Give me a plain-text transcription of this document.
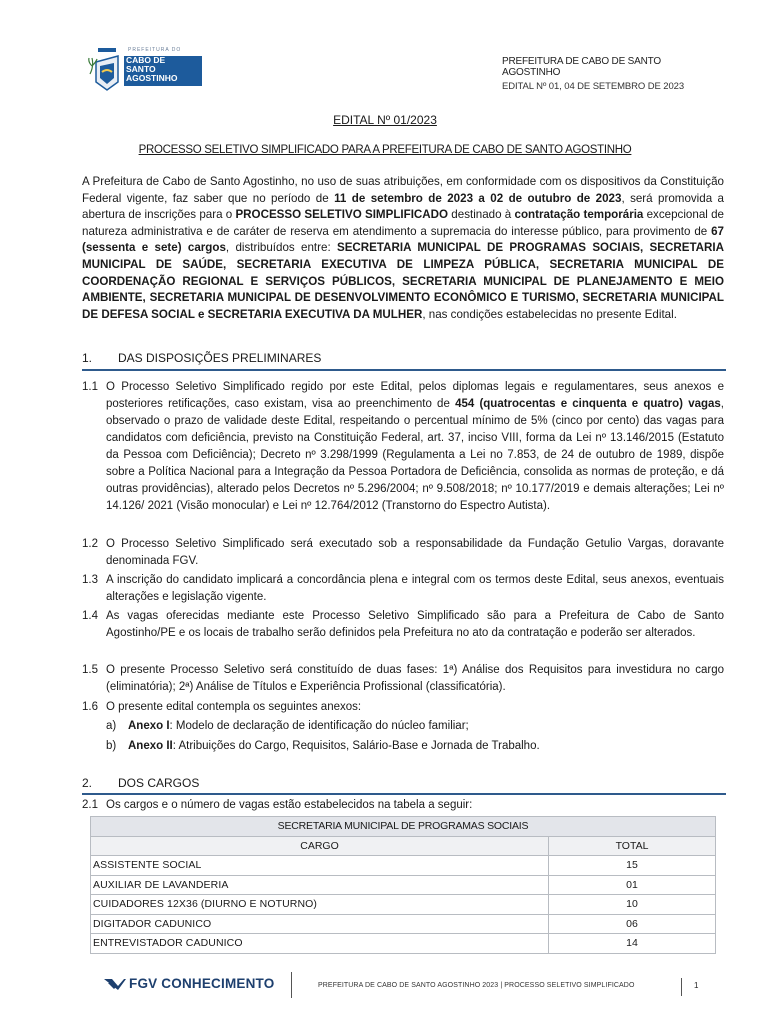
PREFEITURA DO
CABO DE
SANTO
AGOSTINHO
PREFEITURA DE CABO DE SANTO AGOSTINHO
EDITAL Nº 01, 04 DE SETEMBRO DE 2023
EDITAL Nº 01/2023
PROCESSO SELETIVO SIMPLIFICADO PARA A PREFEITURA DE CABO DE SANTO AGOSTINHO
A Prefeitura de Cabo de Santo Agostinho, no uso de suas atribuições, em conformidade com os dispositivos da Constituição Federal vigente, faz saber que no período de 11 de setembro de 2023 a 02 de outubro de 2023, será promovida a abertura de inscrições para o PROCESSO SELETIVO SIMPLIFICADO destinado à contratação temporária excepcional de natureza administrativa e de caráter de reserva em atendimento a supremacia do interesse público, para provimento de 67 (sessenta e sete) cargos, distribuídos entre: SECRETARIA MUNICIPAL DE PROGRAMAS SOCIAIS, SECRETARIA MUNICIPAL DE SAÚDE, SECRETARIA EXECUTIVA DE LIMPEZA PÚBLICA, SECRETARIA MUNICIPAL DE COORDENAÇÃO REGIONAL E SERVIÇOS PÚBLICOS, SECRETARIA MUNICIPAL DE PLANEJAMENTO E MEIO AMBIENTE, SECRETARIA MUNICIPAL DE DESENVOLVIMENTO ECONÔMICO E TURISMO, SECRETARIA MUNICIPAL DE DEFESA SOCIAL e SECRETARIA EXECUTIVA DA MULHER, nas condições estabelecidas no presente Edital.
1. DAS DISPOSIÇÕES PRELIMINARES
1.1 O Processo Seletivo Simplificado regido por este Edital, pelos diplomas legais e regulamentares, seus anexos e posteriores retificações, caso existam, visa ao preenchimento de 454 (quatrocentas e cinquenta e quatro) vagas, observado o prazo de validade deste Edital, respeitando o percentual mínimo de 5% (cinco por cento) das vagas para candidatos com deficiência, previsto na Constituição Federal, art. 37, inciso VIII, forma da Lei nº 13.146/2015 (Estatuto da Pessoa com Deficiência); Decreto nº 3.298/1999 (Regulamenta a Lei no 7.853, de 24 de outubro de 1989, dispõe sobre a Política Nacional para a Integração da Pessoa Portadora de Deficiência, consolida as normas de proteção, e dá outras providências), alterado pelos Decretos nº 5.296/2004; nº 9.508/2018; nº 10.177/2019 e demais alterações; Lei nº 14.126/ 2021 (Visão monocular) e Lei nº 12.764/2012 (Transtorno do Espectro Autista).
1.2 O Processo Seletivo Simplificado será executado sob a responsabilidade da Fundação Getulio Vargas, doravante denominada FGV.
1.3 A inscrição do candidato implicará a concordância plena e integral com os termos deste Edital, seus anexos, eventuais alterações e legislação vigente.
1.4 As vagas oferecidas mediante este Processo Seletivo Simplificado são para a Prefeitura de Cabo de Santo Agostinho/PE e os locais de trabalho serão definidos pela Prefeitura no ato da contratação e poderão ser alterados.
1.5 O presente Processo Seletivo será constituído de duas fases: 1ª) Análise dos Requisitos para investidura no cargo (eliminatória); 2ª) Análise de Títulos e Experiência Profissional (classificatória).
1.6 O presente edital contempla os seguintes anexos:
a) Anexo I: Modelo de declaração de identificação do núcleo familiar;
b) Anexo II: Atribuições do Cargo, Requisitos, Salário-Base e Jornada de Trabalho.
2. DOS CARGOS
2.1 Os cargos e o número de vagas estão estabelecidos na tabela a seguir:
SECRETARIA MUNICIPAL DE PROGRAMAS SOCIAIS	
CARGO	TOTAL
ASSISTENTE SOCIAL	15
AUXILIAR DE LAVANDERIA	01
CUIDADORES 12X36 (DIURNO E NOTURNO)	10
DIGITADOR CADUNICO	06
ENTREVISTADOR CADUNICO	14
FGV CONHECIMENTO	PREFEITURA DE CABO DE SANTO AGOSTINHO 2023 | PROCESSO SELETIVO SIMPLIFICADO	1
